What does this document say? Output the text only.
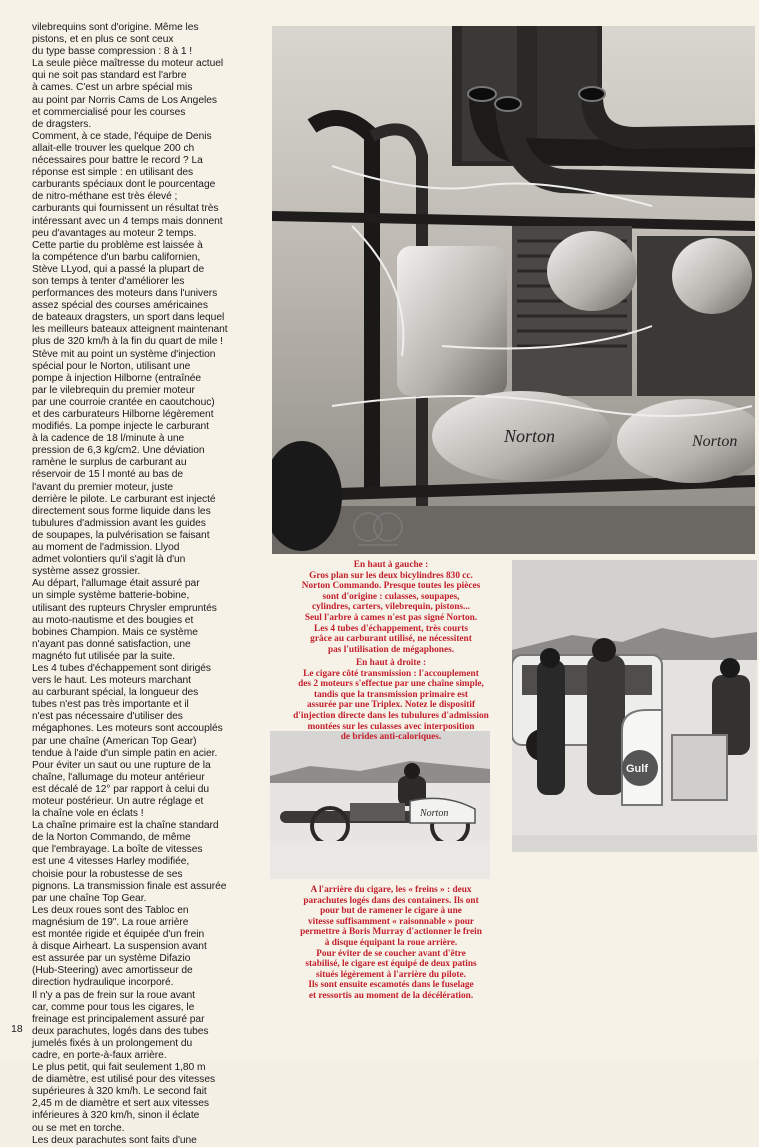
vilebrequins sont d'origine. Même les

pistons, et en plus ce sont ceux

du type basse compression : 8 à 1 !

La seule pièce maîtresse du moteur actuel

qui ne soit pas standard est l'arbre

à cames. C'est un arbre spécial mis

au point par Norris Cams de Los Angeles

et commercialisé pour les courses

de dragsters.

Comment, à ce stade, l'équipe de Denis

allait-elle trouver les quelque 200 ch

nécessaires pour battre le record ? La

réponse est simple : en utilisant des

carburants spéciaux dont le pourcentage

de nitro-méthane est très élevé ;

carburants qui fournissent un résultat très

intéressant avec un 4 temps mais donnent

peu d'avantages au moteur 2 temps.

Cette partie du problème est laissée à

la compétence d'un barbu californien,

Stève LLyod, qui a passé la plupart de

son temps à tenter d'améliorer les

performances des moteurs dans l'univers

assez spécial des courses américaines

de bateaux dragsters, un sport dans lequel

les meilleurs bateaux atteignent maintenant

plus de 320 km/h à la fin du quart de mile !

Stève mit au point un système d'injection

spécial pour le Norton, utilisant une

pompe à injection Hilborne (entraînée

par le vilebrequin du premier moteur

par une courroie crantée en caoutchouc)

et des carburateurs Hilborne légèrement

modifiés. La pompe injecte le carburant

à la cadence de 18 l/minute à une

pression de 6,3 kg/cm2. Une déviation

ramène le surplus de carburant au

réservoir de 15 l monté au bas de

l'avant du premier moteur, juste

derrière le pilote. Le carburant est injecté

directement sous forme liquide dans les

tubulures d'admission avant les guides

de soupapes, la pulvérisation se faisant

au moment de l'admission. Llyod

admet volontiers qu'il s'agit là d'un

système assez grossier.

Au départ, l'allumage était assuré par

un simple système batterie-bobine,

utilisant des rupteurs Chrysler empruntés

au moto-nautisme et des bougies et

bobines Champion. Mais ce système

n'ayant pas donné satisfaction, une

magnéto fut utilisée par la suite.

Les 4 tubes d'échappement sont dirigés

vers le haut. Les moteurs marchant

au carburant spécial, la longueur des

tubes n'est pas très importante et il

n'est pas nécessaire d'utiliser des

mégaphones. Les moteurs sont accouplés

par une chaîne (American Top Gear)

tendue à l'aide d'un simple patin en acier.

Pour éviter un saut ou une rupture de la

chaîne, l'allumage du moteur antérieur

est décalé de 12° par rapport à celui du

moteur postérieur. Un autre réglage et

la chaîne vole en éclats !

La chaîne primaire est la chaîne standard

de la Norton Commando, de même

que l'embrayage. La boîte de vitesses

est une 4 vitesses Harley modifiée,

choisie pour la robustesse de ses

pignons. La transmission finale est assurée

par une chaîne Top Gear.

Les deux roues sont des Tabloc en

magnésium de 19". La roue arrière

est montée rigide et équipée d'un frein

à disque Airheart. La suspension avant

est assurée par un système Difazio

(Hub-Steering) avec amortisseur de

direction hydraulique incorporé.

Il n'y a pas de frein sur la roue avant

car, comme pour tous les cigares, le

freinage est principalement assuré par

deux parachutes, logés dans des tubes

jumelés fixés à un prolongement du

cadre, en porte-à-faux arrière.

Le plus petit, qui fait seulement 1,80 m

de diamètre, est utilisé pour des vitesses

supérieures à 320 km/h. Le second fait

2,45 m de diamètre et sert aux vitesses

inférieures à 320 km/h, sinon il éclate

ou se met en torche.

Les deux parachutes sont faits d'une

18
Norton	Norton
Gulf
Norton
En haut à gauche :
Gros plan sur les deux bicylindres 830 cc.
Norton Commando. Presque toutes les pièces
sont d'origine : culasses, soupapes,
cylindres, carters, vilebrequin, pistons...
Seul l'arbre à cames n'est pas signé Norton.
Les 4 tubes d'échappement, très courts
grâce au carburant utilisé, ne nécessitent
pas l'utilisation de mégaphones.
En haut à droite :
Le cigare côté transmission : l'accouplement
des 2 moteurs s'effectue par une chaîne simple,
tandis que la transmission primaire est
assurée par une Triplex. Notez le dispositif
d'injection directe dans les tubulures d'admission
montées sur les culasses avec interposition
de brides anti-caloriques.
A l'arrière du cigare, les « freins » : deux
parachutes logés dans des containers. Ils ont
pour but de ramener le cigare à une
vitesse suffisamment « raisonnable » pour
permettre à Boris Murray d'actionner le frein
à disque équipant la roue arrière.
Pour éviter de se coucher avant d'être
stabilisé, le cigare est équipé de deux patins
situés légèrement à l'arrière du pilote.
Ils sont ensuite escamotés dans le fuselage
et ressortis au moment de la décélération.
